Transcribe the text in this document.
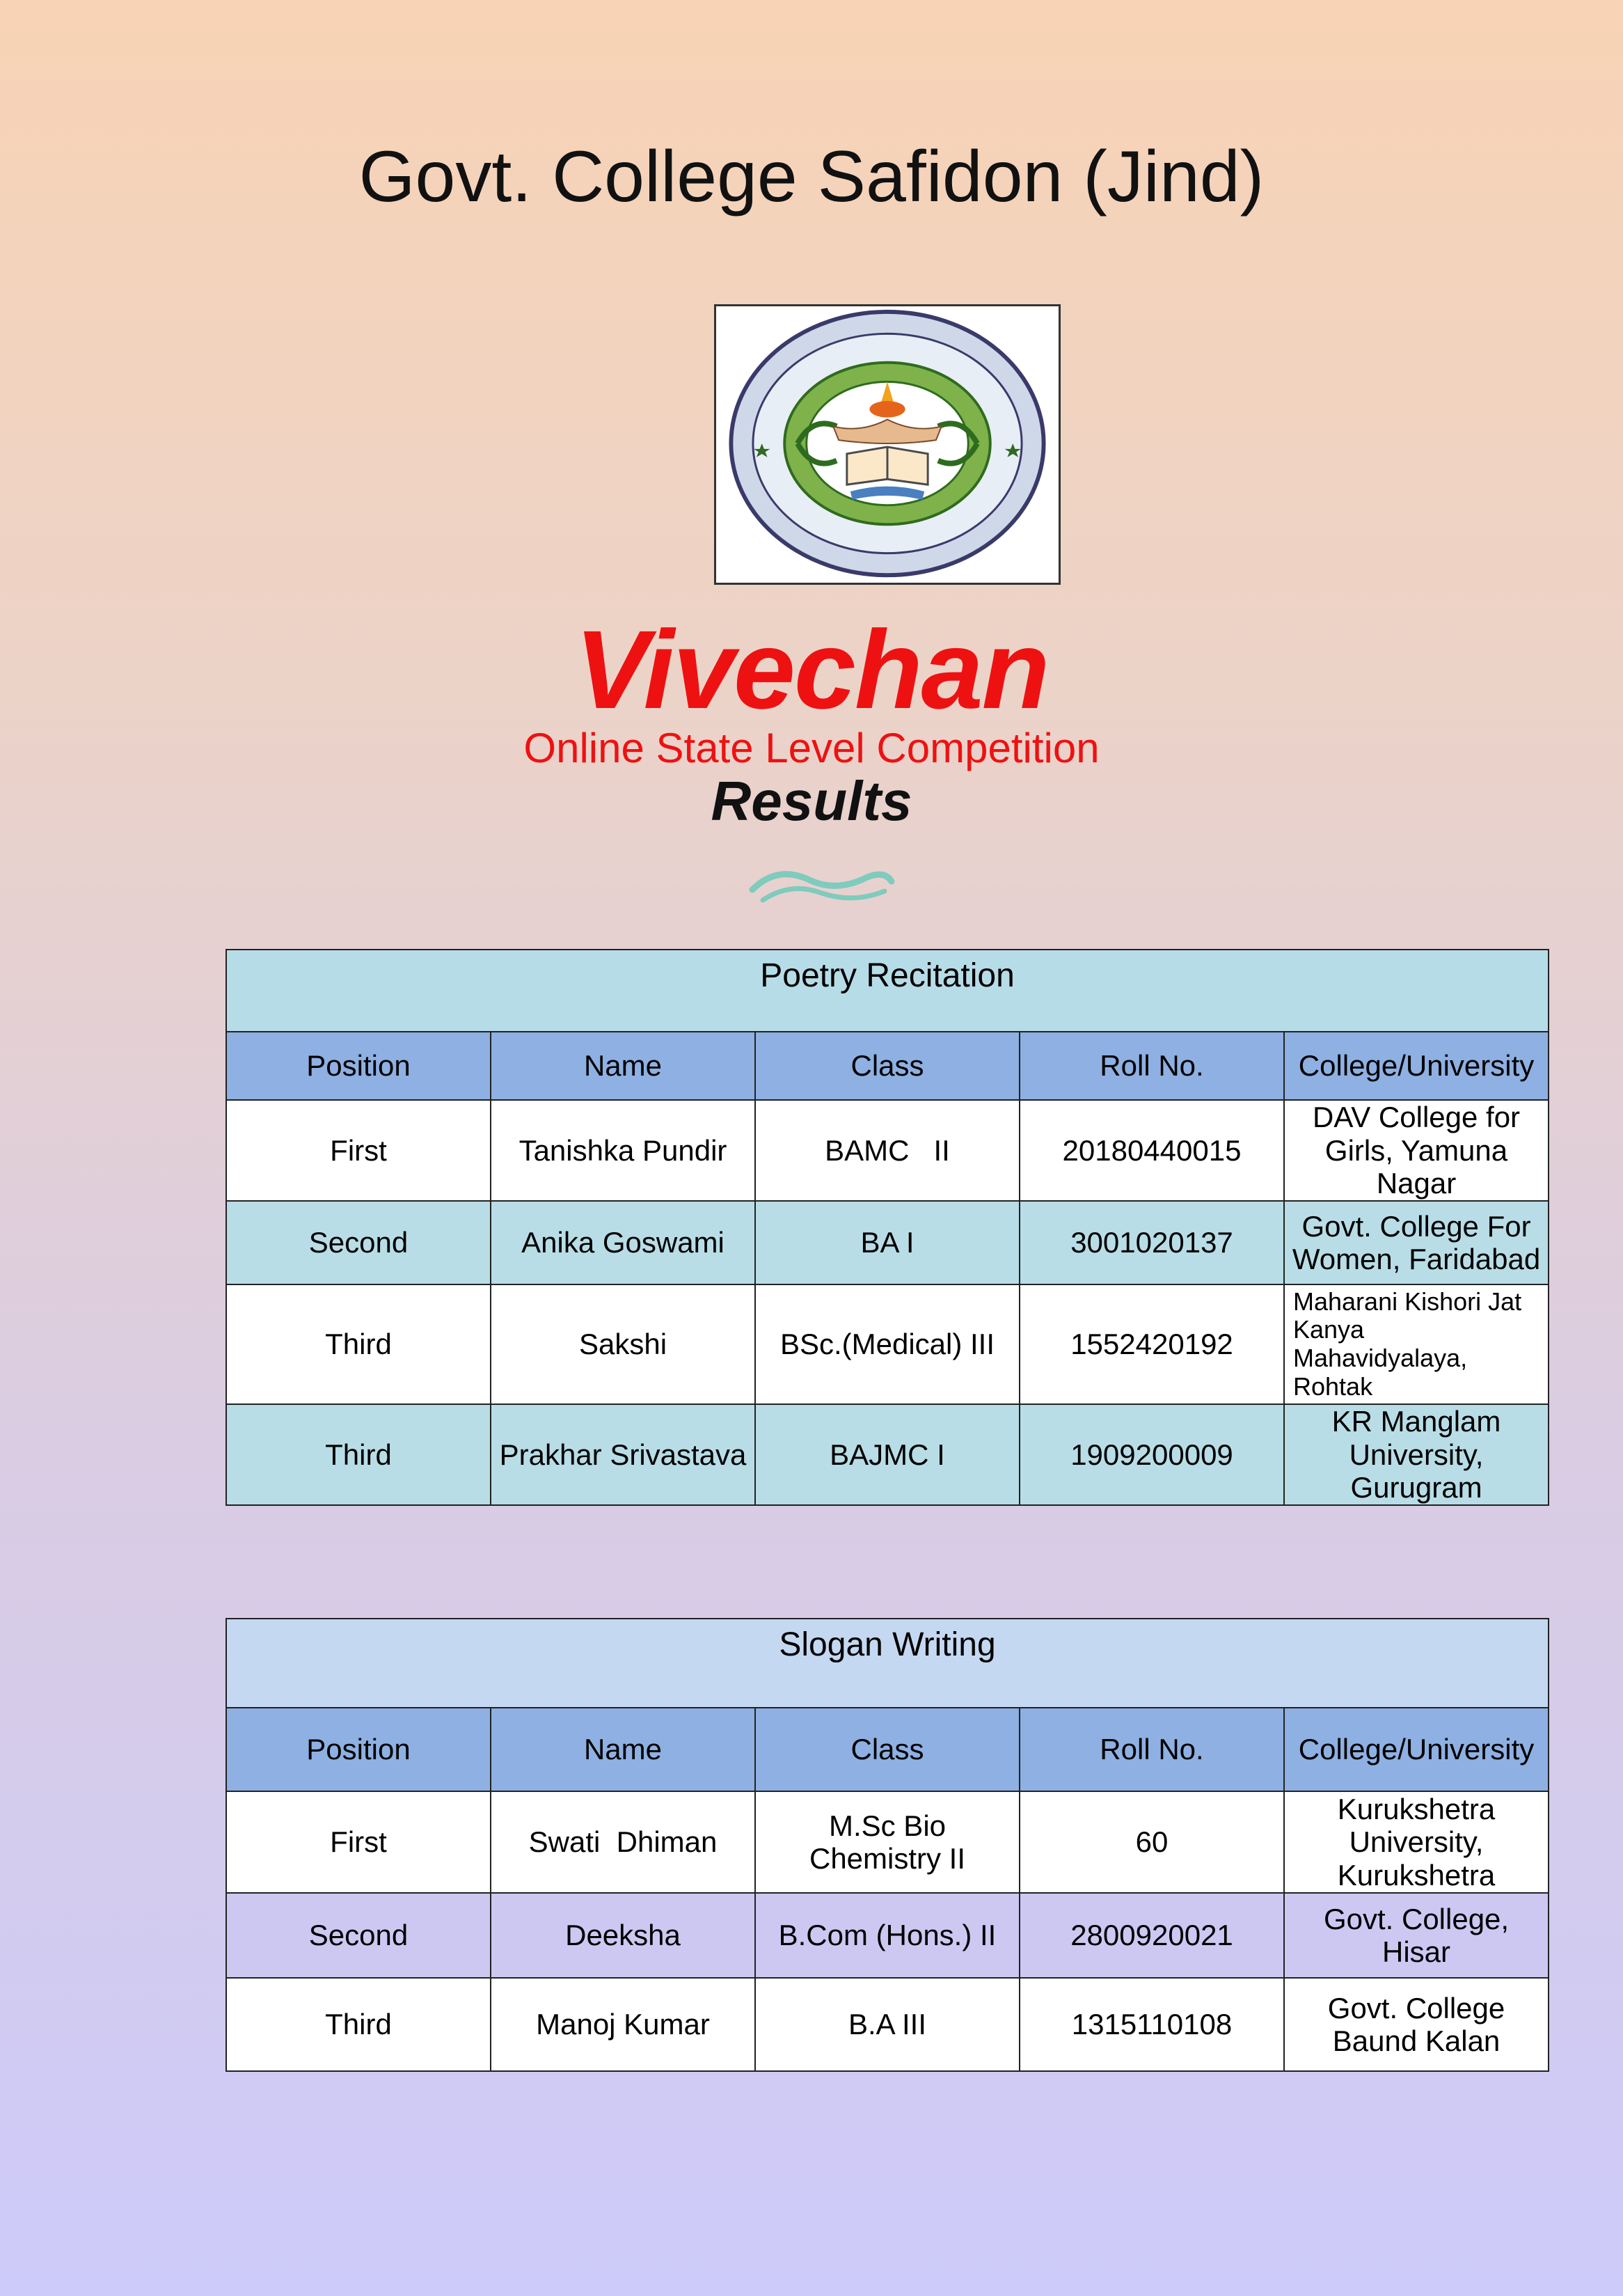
Govt. College Safidon (Jind)
Vivechan
Online State Level Competition
Results
Poetry Recitation				
Position	Name	Class	Roll No.	College/University
First	Tanishka Pundir	BAMC   II	20180440015	DAV College for Girls, Yamuna Nagar
Second	Anika Goswami	BA I	3001020137	Govt. College For Women, Faridabad
Third	Sakshi	BSc.(Medical) III	1552420192	Maharani Kishori Jat Kanya Mahavidyalaya, Rohtak
Third	Prakhar Srivastava	BAJMC I	1909200009	KR Manglam University, Gurugram
Slogan Writing				
Position	Name	Class	Roll No.	College/University
First	Swati  Dhiman	M.Sc Bio Chemistry II	60	Kurukshetra University, Kurukshetra
Second	Deeksha	B.Com (Hons.) II	2800920021	Govt. College, Hisar
Third	Manoj Kumar	B.A III	1315110108	Govt. College Baund Kalan
